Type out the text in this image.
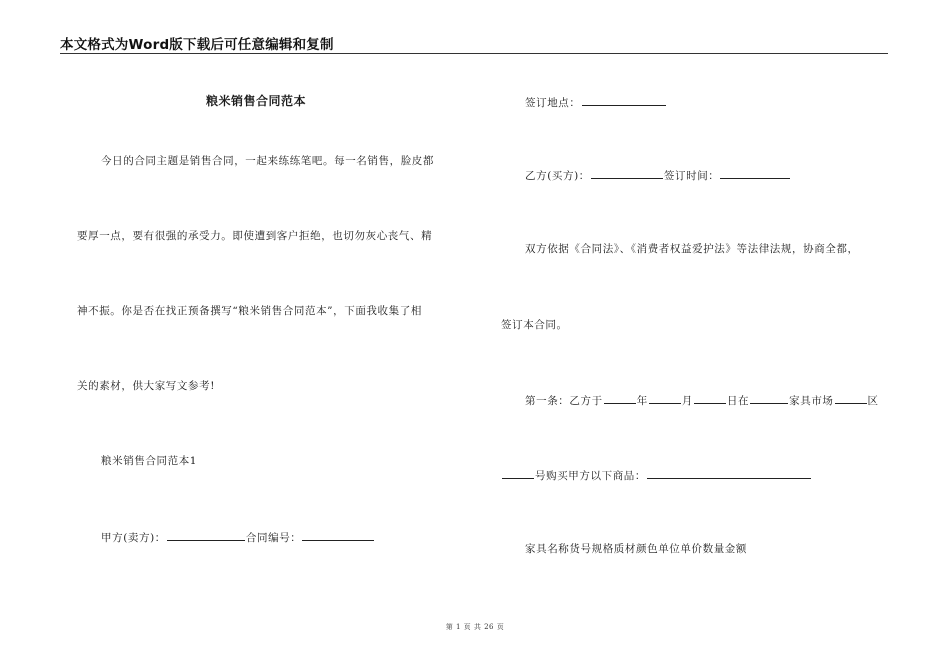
本文格式为Word版下载后可任意编辑和复制
粮米销售合同范本
今日的合同主题是销售合同，一起来练练笔吧。每一名销售，脸皮都
要厚一点，要有很强的承受力。即使遭到客户拒绝，也切勿灰心丧气、精
神不振。你是否在找正预备撰写“粮米销售合同范本”，下面我收集了相
关的素材，供大家写文参考!
粮米销售合同范本1
甲方(卖方)：	合同编号：
签订地点：
乙方(买方)：	签订时间：
双方依据《合同法》、《消费者权益爱护法》等法律法规，协商全都，
签订本合同。
第一条：乙方于	年	月	日在	家具市场	区
号购买甲方以下商品：
家具名称货号规格质材颜色单位单价数量金额
第 1 页 共 26 页
